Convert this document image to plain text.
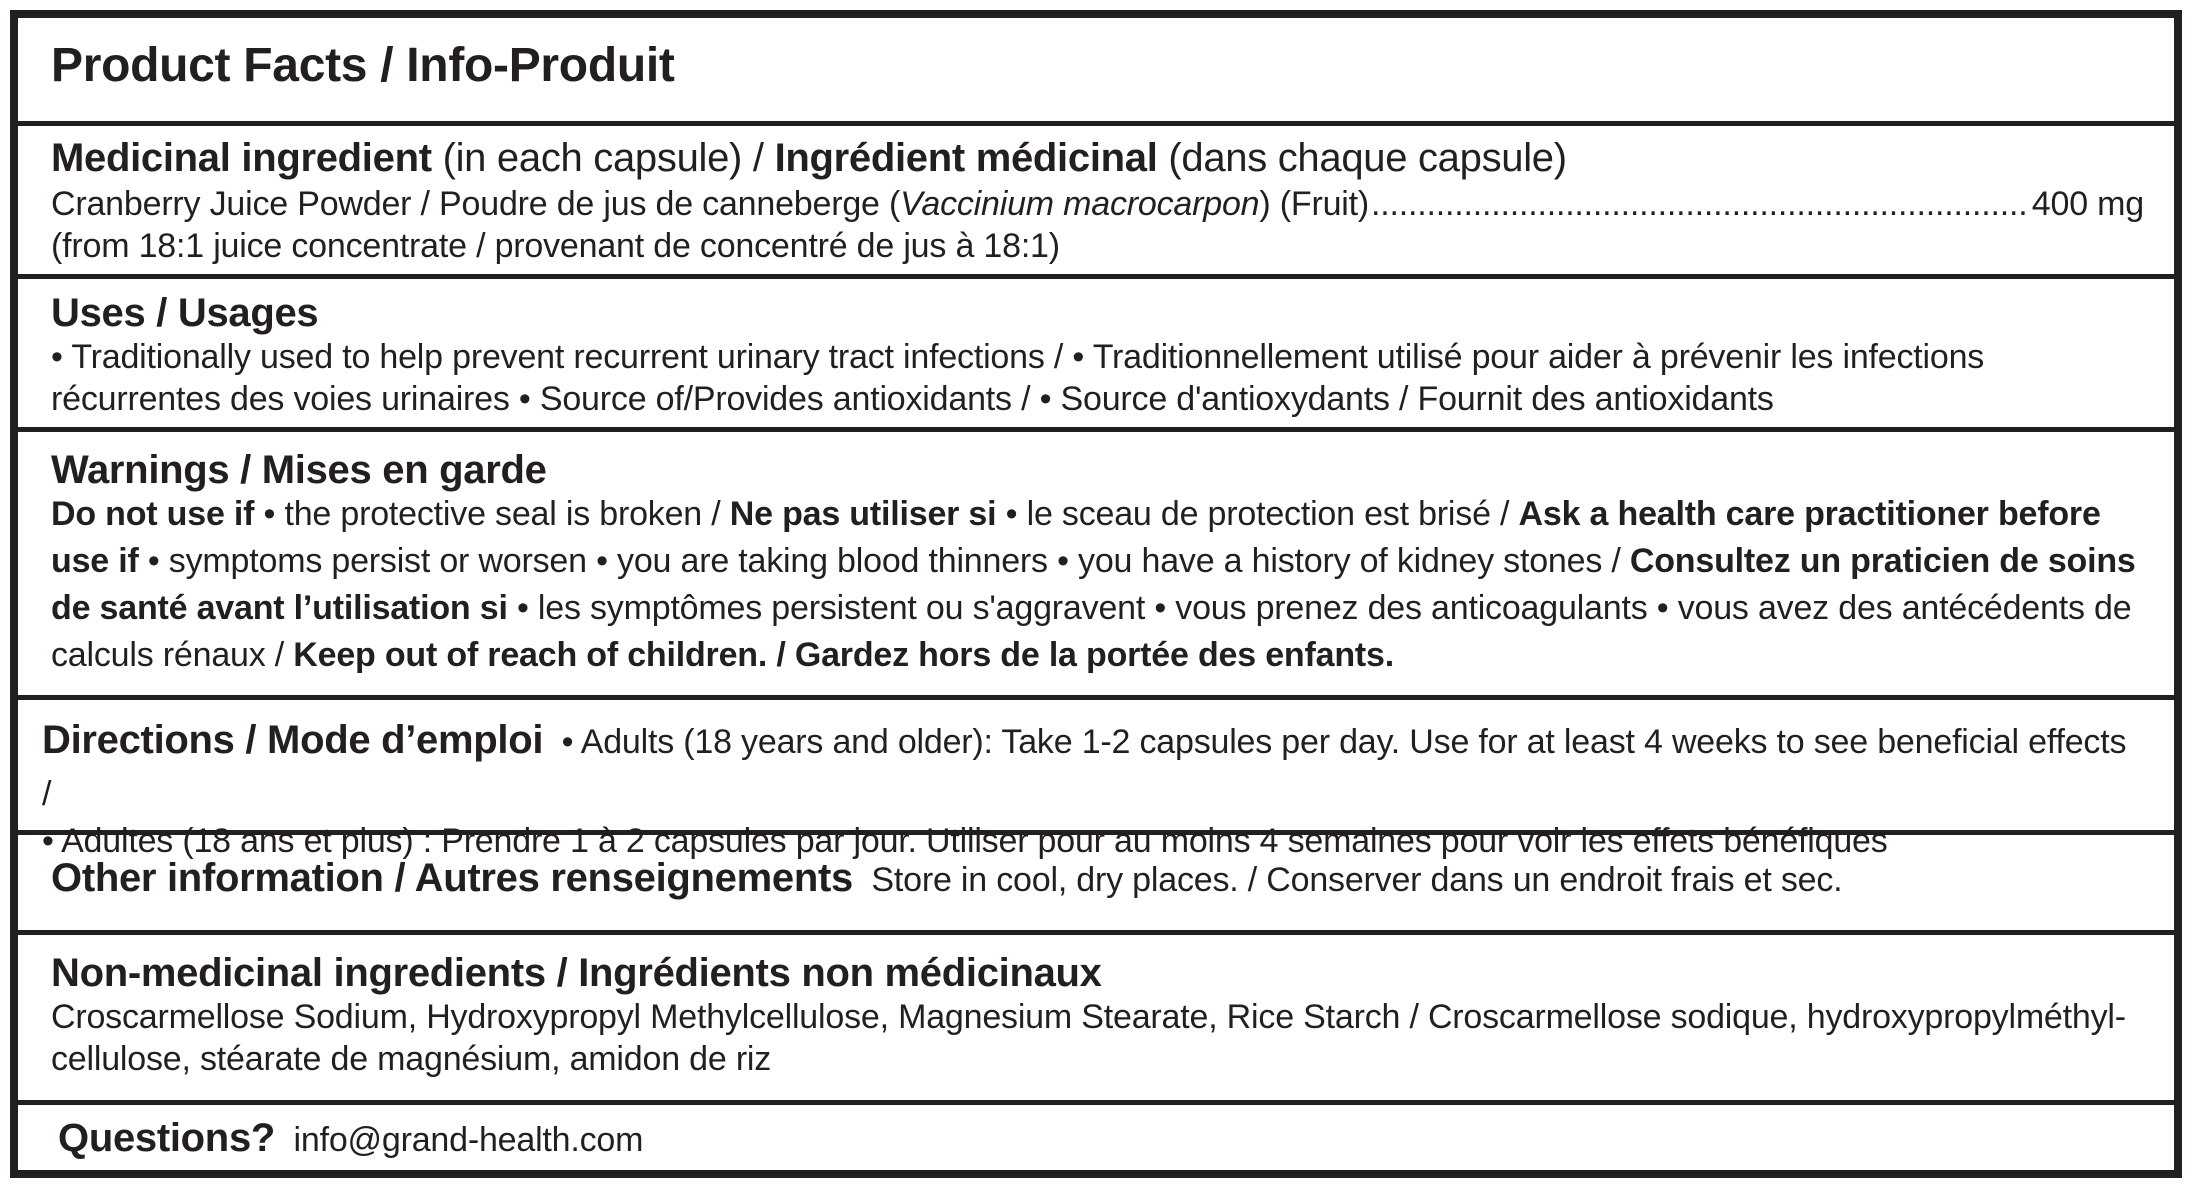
Product Facts / Info-Produit
Medicinal ingredient (in each capsule) / Ingrédient médicinal (dans chaque capsule)
Cranberry Juice Powder / Poudre de jus de canneberge ( Vaccinium macrocarpon ) (Fruit)
.....	400 mg
(from 18:1 juice concentrate / provenant de concentré de jus à 18:1)
Uses / Usages
• Traditionally used to help prevent recurrent urinary tract infections / • Traditionnellement utilisé pour aider à prévenir les infections
récurrentes des voies urinaires • Source of/Provides antioxidants / • Source d'antioxydants / Fournit des antioxidants
Warnings / Mises en garde
Do not use if • the protective seal is broken / Ne pas utiliser si • le sceau de protection est brisé / Ask a health care practitioner before use if • symptoms persist or worsen • you are taking blood thinners • you have a history of kidney stones / Consultez un praticien de soins de santé avant l’utilisation si • les symptômes persistent ou s'aggravent • vous prenez des anticoagulants • vous avez des antécédents de calculs rénaux / Keep out of reach of children. / Gardez hors de la portée des enfants.
Directions / Mode d’emploi • Adults (18 years and older): Take 1-2 capsules per day. Use for at least 4 weeks to see beneficial effects /
• Adultes (18 ans et plus) : Prendre 1 à 2 capsules par jour. Utiliser pour au moins 4 semaines pour voir les effets bénéfiques
Other information / Autres renseignements Store in cool, dry places. / Conserver dans un endroit frais et sec.
Non-medicinal ingredients / Ingrédients non médicinaux
Croscarmellose Sodium, Hydroxypropyl Methylcellulose, Magnesium Stearate, Rice Starch / Croscarmellose sodique, hydroxypropylméthyl-
cellulose, stéarate de magnésium, amidon de riz
Questions? info@grand-health.com
